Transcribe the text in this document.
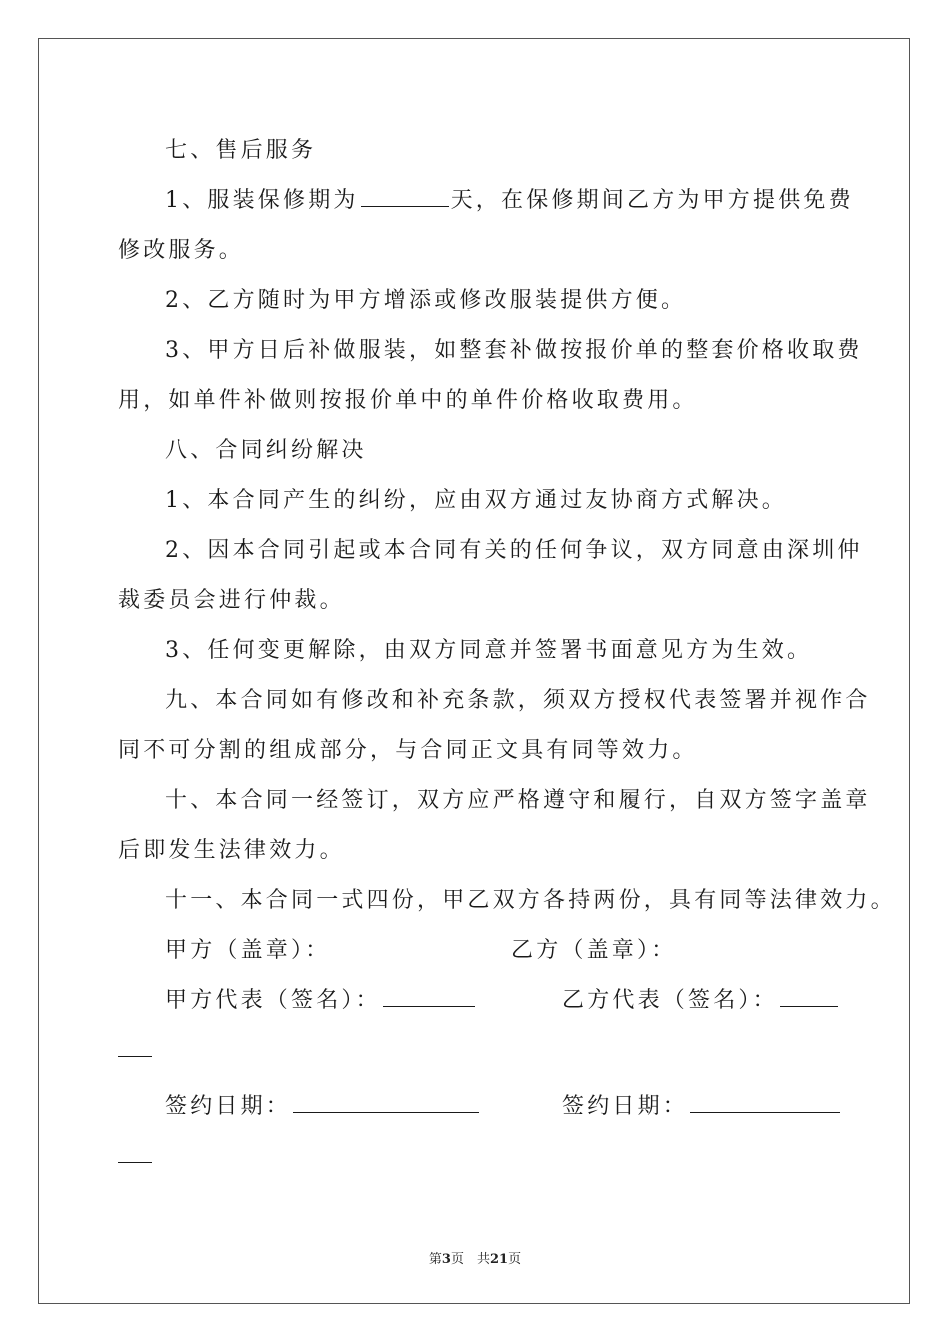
七、售后服务

1、服装保修期为	天，在保修期间乙方为甲方提供免费

修改服务。

2、乙方随时为甲方增添或修改服装提供方便。

3、甲方日后补做服装，如整套补做按报价单的整套价格收取费

用，如单件补做则按报价单中的单件价格收取费用。

八、合同纠纷解决

1、本合同产生的纠纷，应由双方通过友协商方式解决。

2、因本合同引起或本合同有关的任何争议，双方同意由深圳仲

裁委员会进行仲裁。

3、任何变更解除，由双方同意并签署书面意见方为生效。

九、本合同如有修改和补充条款，须双方授权代表签署并视作合

同不可分割的组成部分，与合同正文具有同等效力。

十、本合同一经签订，双方应严格遵守和履行，自双方签字盖章

后即发生法律效力。

十一、本合同一式四份，甲乙双方各持两份，具有同等法律效力。

甲方（盖章）：	乙方（盖章）：
甲方代表（签名）：	乙方代表（签名）：
签约日期：	签约日期：
第3页　共21页
